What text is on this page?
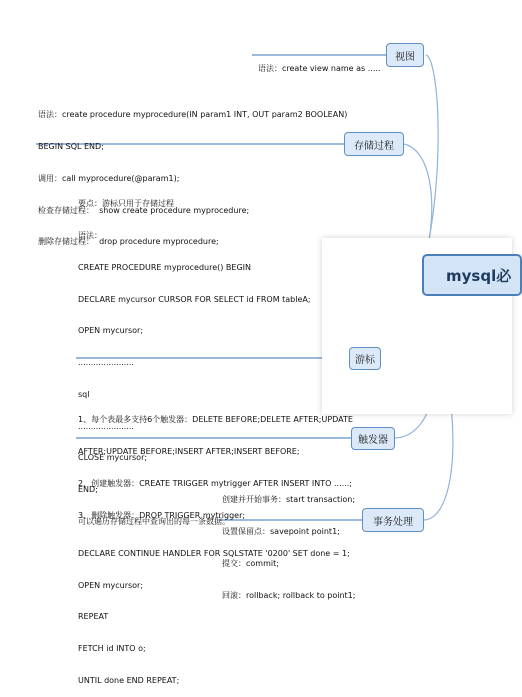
mysql必
视图
存储过程
游标
触发器
事务处理

语法：create view name as .....

语法：create procedure myprocedure(IN param1 INT, OUT param2 BOOLEAN)

BEGIN SQL END;

调用：call myprocedure(@param1);

检查存储过程：  show create procedure myprocedure;

删除存储过程：  drop procedure myprocedure;

要点：游标只用于存储过程

语法：

CREATE PROCEDURE myprocedure() BEGIN

DECLARE mycursor CURSOR FOR SELECT id FROM tableA;

OPEN mycursor;

......................

sql

......................

CLOSE mycursor;

END;

可以遍历存储过程中查询出的每一条数据。

DECLARE CONTINUE HANDLER FOR SQLSTATE '0200' SET done = 1;

OPEN mycursor;

REPEAT

FETCH id INTO o;

UNTIL done END REPEAT;

1、每个表最多支持6个触发器：DELETE BEFORE;DELETE AFTER;UPDATE

AFTER;UPDATE BEFORE;INSERT AFTER;INSERT BEFORE;

2、创建触发器：CREATE TRIGGER mytrigger AFTER INSERT INTO ......;

3、删除触发器：DROP TRIGGER mytrigger;

创建并开始事务：start transaction;

设置保留点：savepoint point1;

提交：commit;

回滚：rollback; rollback to point1;
